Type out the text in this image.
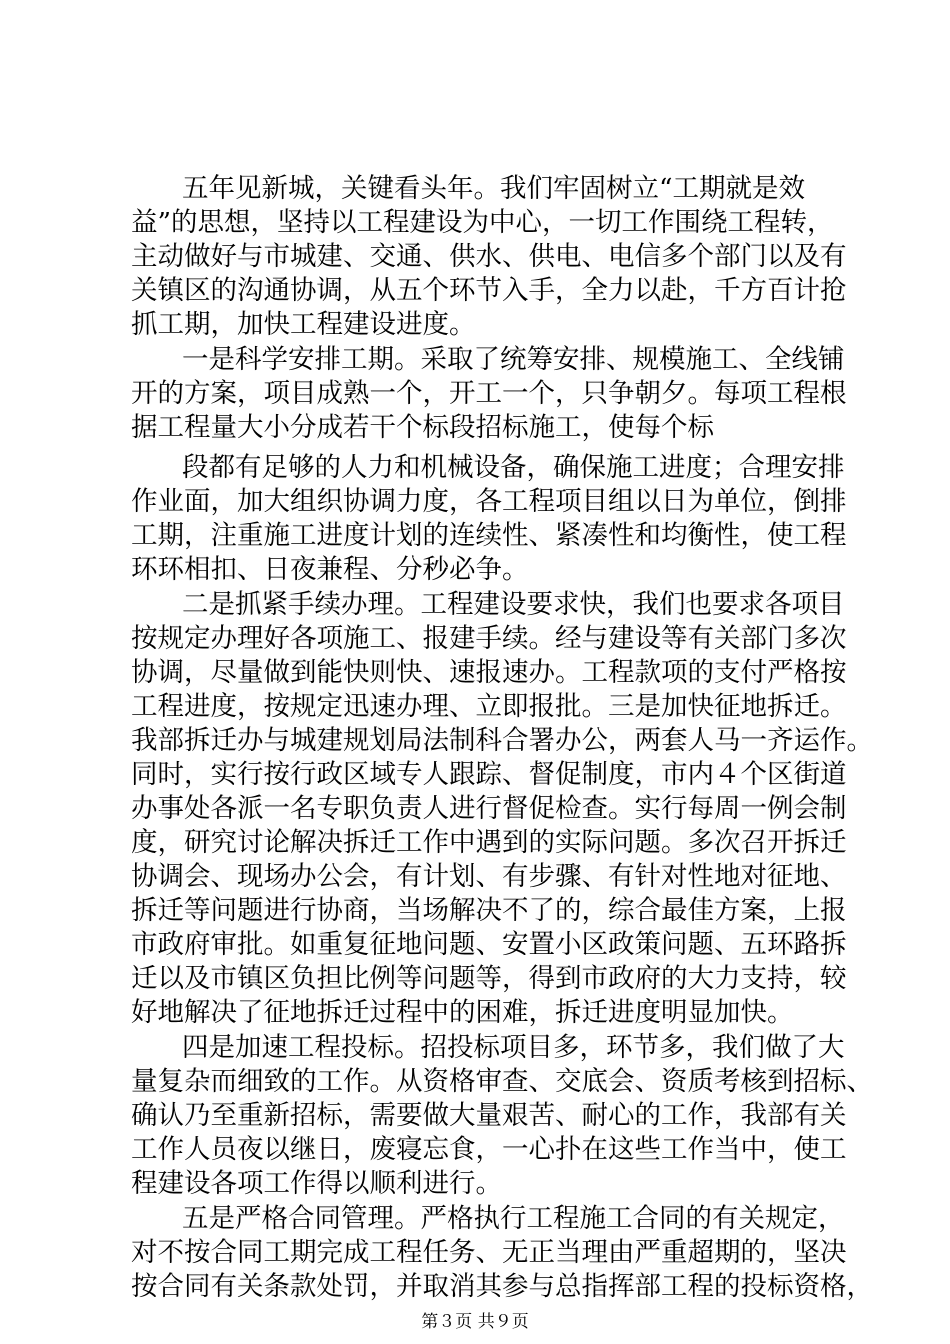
五年见新城，关键看头年。我们牢固树立“工期就是效
益”的思想，坚持以工程建设为中心，一切工作围绕工程转，
主动做好与市城建、交通、供水、供电、电信多个部门以及有
关镇区的沟通协调，从五个环节入手，全力以赴，千方百计抢
抓工期，加快工程建设进度。
一是科学安排工期。采取了统筹安排、规模施工、全线铺
开的方案，项目成熟一个，开工一个，只争朝夕。每项工程根
据工程量大小分成若干个标段招标施工，使每个标
段都有足够的人力和机械设备，确保施工进度；合理安排
作业面，加大组织协调力度，各工程项目组以日为单位，倒排
工期，注重施工进度计划的连续性、紧凑性和均衡性，使工程
环环相扣、日夜兼程、分秒必争。
二是抓紧手续办理。工程建设要求快，我们也要求各项目
按规定办理好各项施工、报建手续。经与建设等有关部门多次
协调，尽量做到能快则快、速报速办。工程款项的支付严格按
工程进度，按规定迅速办理、立即报批。三是加快征地拆迁。
我部拆迁办与城建规划局法制科合署办公，两套人马一齐运作。
同时，实行按行政区域专人跟踪、督促制度，市内４个区街道
办事处各派一名专职负责人进行督促检查。实行每周一例会制
度，研究讨论解决拆迁工作中遇到的实际问题。多次召开拆迁
协调会、现场办公会，有计划、有步骤、有针对性地对征地、
拆迁等问题进行协商，当场解决不了的，综合最佳方案，上报
市政府审批。如重复征地问题、安置小区政策问题、五环路拆
迁以及市镇区负担比例等问题等，得到市政府的大力支持，较
好地解决了征地拆迁过程中的困难，拆迁进度明显加快。
四是加速工程投标。招投标项目多，环节多，我们做了大
量复杂而细致的工作。从资格审查、交底会、资质考核到招标、
确认乃至重新招标，需要做大量艰苦、耐心的工作，我部有关
工作人员夜以继日，废寝忘食，一心扑在这些工作当中，使工
程建设各项工作得以顺利进行。
五是严格合同管理。严格执行工程施工合同的有关规定，
对不按合同工期完成工程任务、无正当理由严重超期的，坚决
按合同有关条款处罚，并取消其参与总指挥部工程的投标资格，
第３页 共９页
